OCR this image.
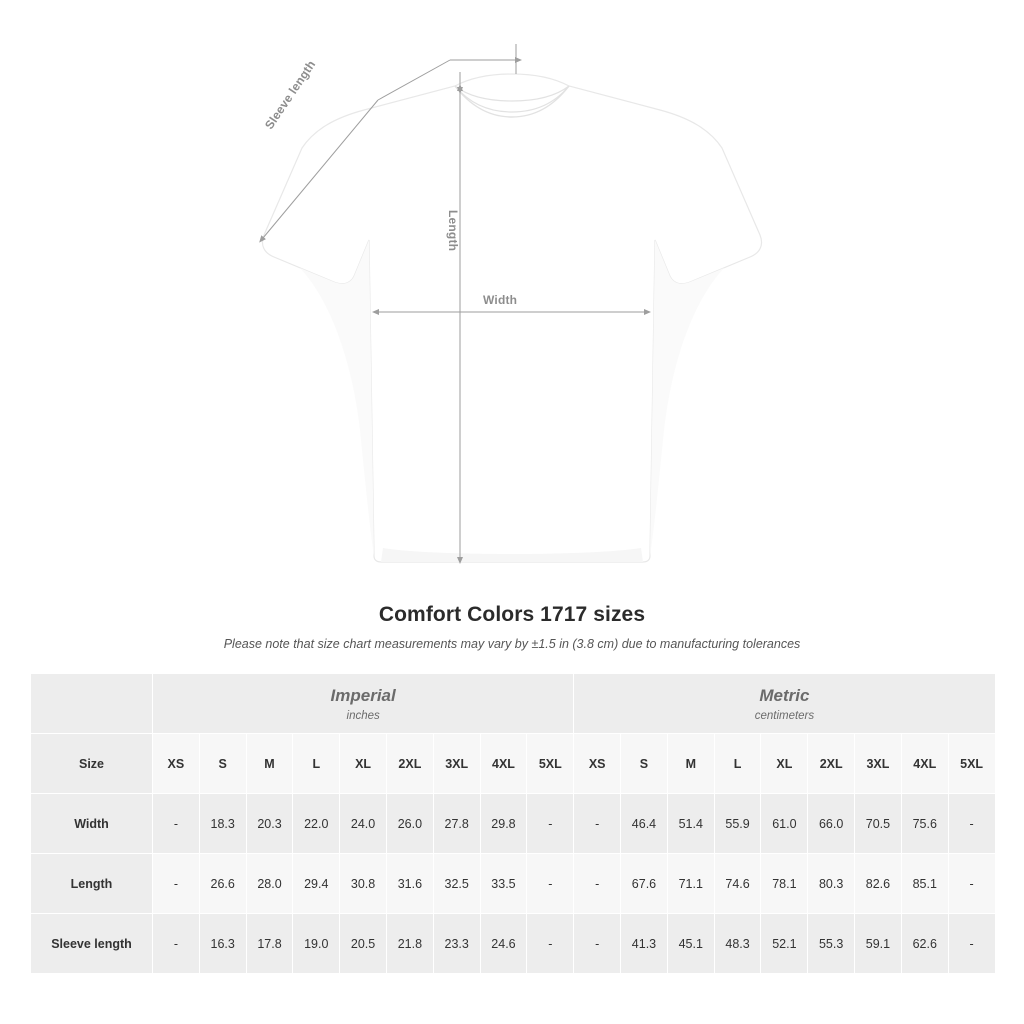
Sleeve length
Length
Width
Comfort Colors 1717 sizes
Please note that size chart measurements may vary by ±1.5 in (3.8 cm) due to manufacturing tolerances
	Imperial
inches									Metric
centimeters								

Size	XS	S	M	L	XL	2XL	3XL	4XL	5XL	XS	S	M	L	XL	2XL	3XL	4XL	5XL
Width	-	18.3	20.3	22.0	24.0	26.0	27.8	29.8	-	-	46.4	51.4	55.9	61.0	66.0	70.5	75.6	-
Length	-	26.6	28.0	29.4	30.8	31.6	32.5	33.5	-	-	67.6	71.1	74.6	78.1	80.3	82.6	85.1	-
Sleeve length	-	16.3	17.8	19.0	20.5	21.8	23.3	24.6	-	-	41.3	45.1	48.3	52.1	55.3	59.1	62.6	-
